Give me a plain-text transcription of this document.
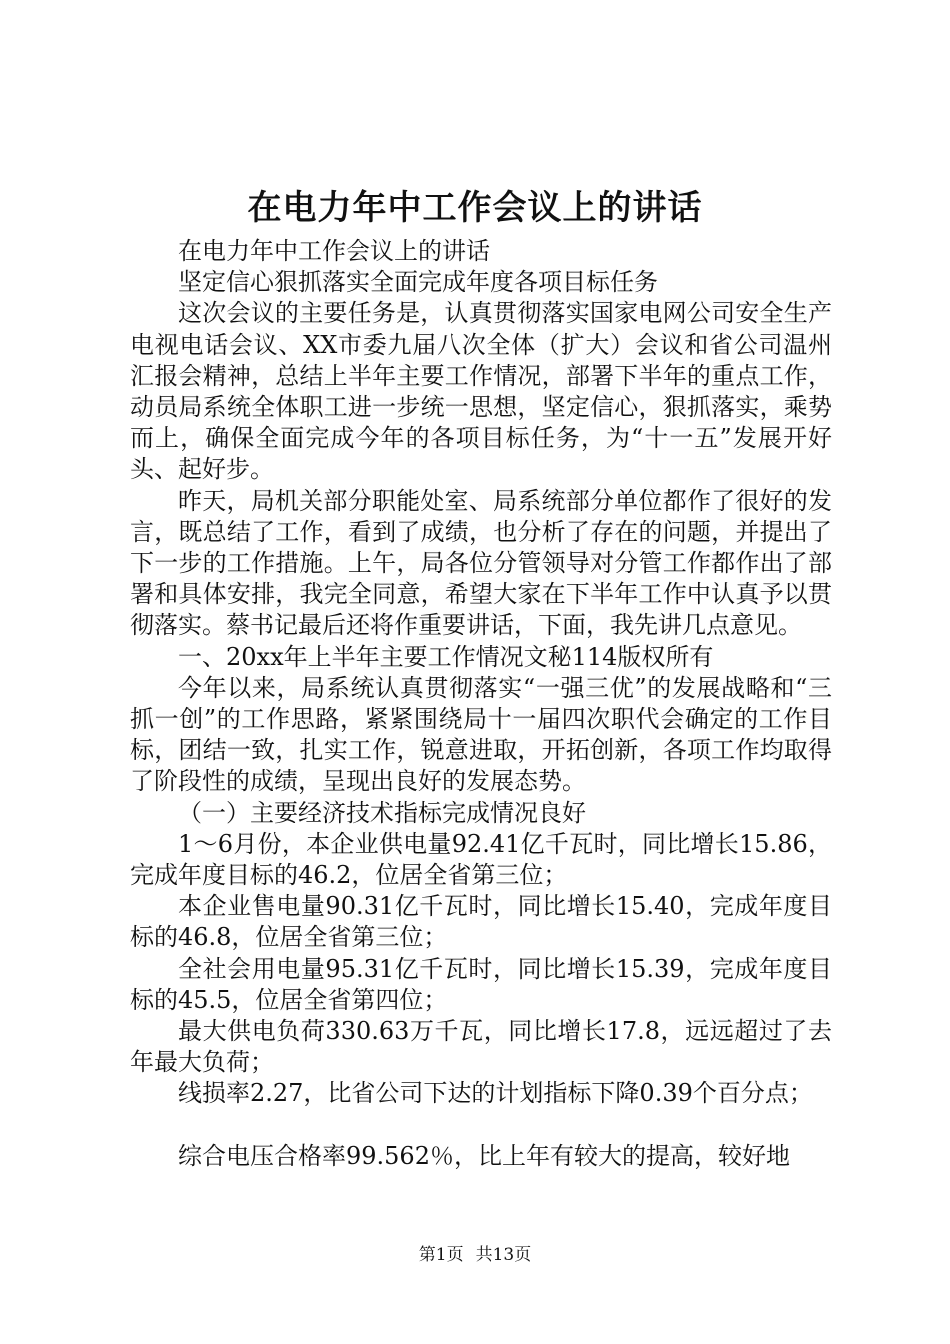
在电力年中工作会议上的讲话

在电力年中工作会议上的讲话

坚定信心狠抓落实全面完成年度各项目标任务

这次会议的主要任务是，认真贯彻落实国家电网公司安全生产电视电话会议、XX市委九届八次全体（扩大）会议和省公司温州汇报会精神，总结上半年主要工作情况，部署下半年的重点工作，动员局系统全体职工进一步统一思想，坚定信心，狠抓落实，乘势而上，确保全面完成今年的各项目标任务，为“十一五”发展开好头、起好步。

昨天，局机关部分职能处室、局系统部分单位都作了很好的发言，既总结了工作，看到了成绩，也分析了存在的问题，并提出了下一步的工作措施。上午，局各位分管领导对分管工作都作出了部署和具体安排，我完全同意，希望大家在下半年工作中认真予以贯彻落实。蔡书记最后还将作重要讲话，下面，我先讲几点意见。

一、20xx年上半年主要工作情况文秘114版权所有

今年以来，局系统认真贯彻落实“一强三优”的发展战略和“三抓一创”的工作思路，紧紧围绕局十一届四次职代会确定的工作目标，团结一致，扎实工作，锐意进取，开拓创新，各项工作均取得了阶段性的成绩，呈现出良好的发展态势。

（一）主要经济技术指标完成情况良好

1～6月份，本企业供电量92.41亿千瓦时，同比增长15.86，完成年度目标的46.2，位居全省第三位；

本企业售电量90.31亿千瓦时，同比增长15.40，完成年度目标的46.8，位居全省第三位；

全社会用电量95.31亿千瓦时，同比增长15.39，完成年度目标的45.5，位居全省第四位；

最大供电负荷330.63万千瓦，同比增长17.8，远远超过了去年最大负荷；

线损率2.27，比省公司下达的计划指标下降0.39个百分点；

综合电压合格率99.562％，比上年有较大的提高，较好地

第1页 共13页
